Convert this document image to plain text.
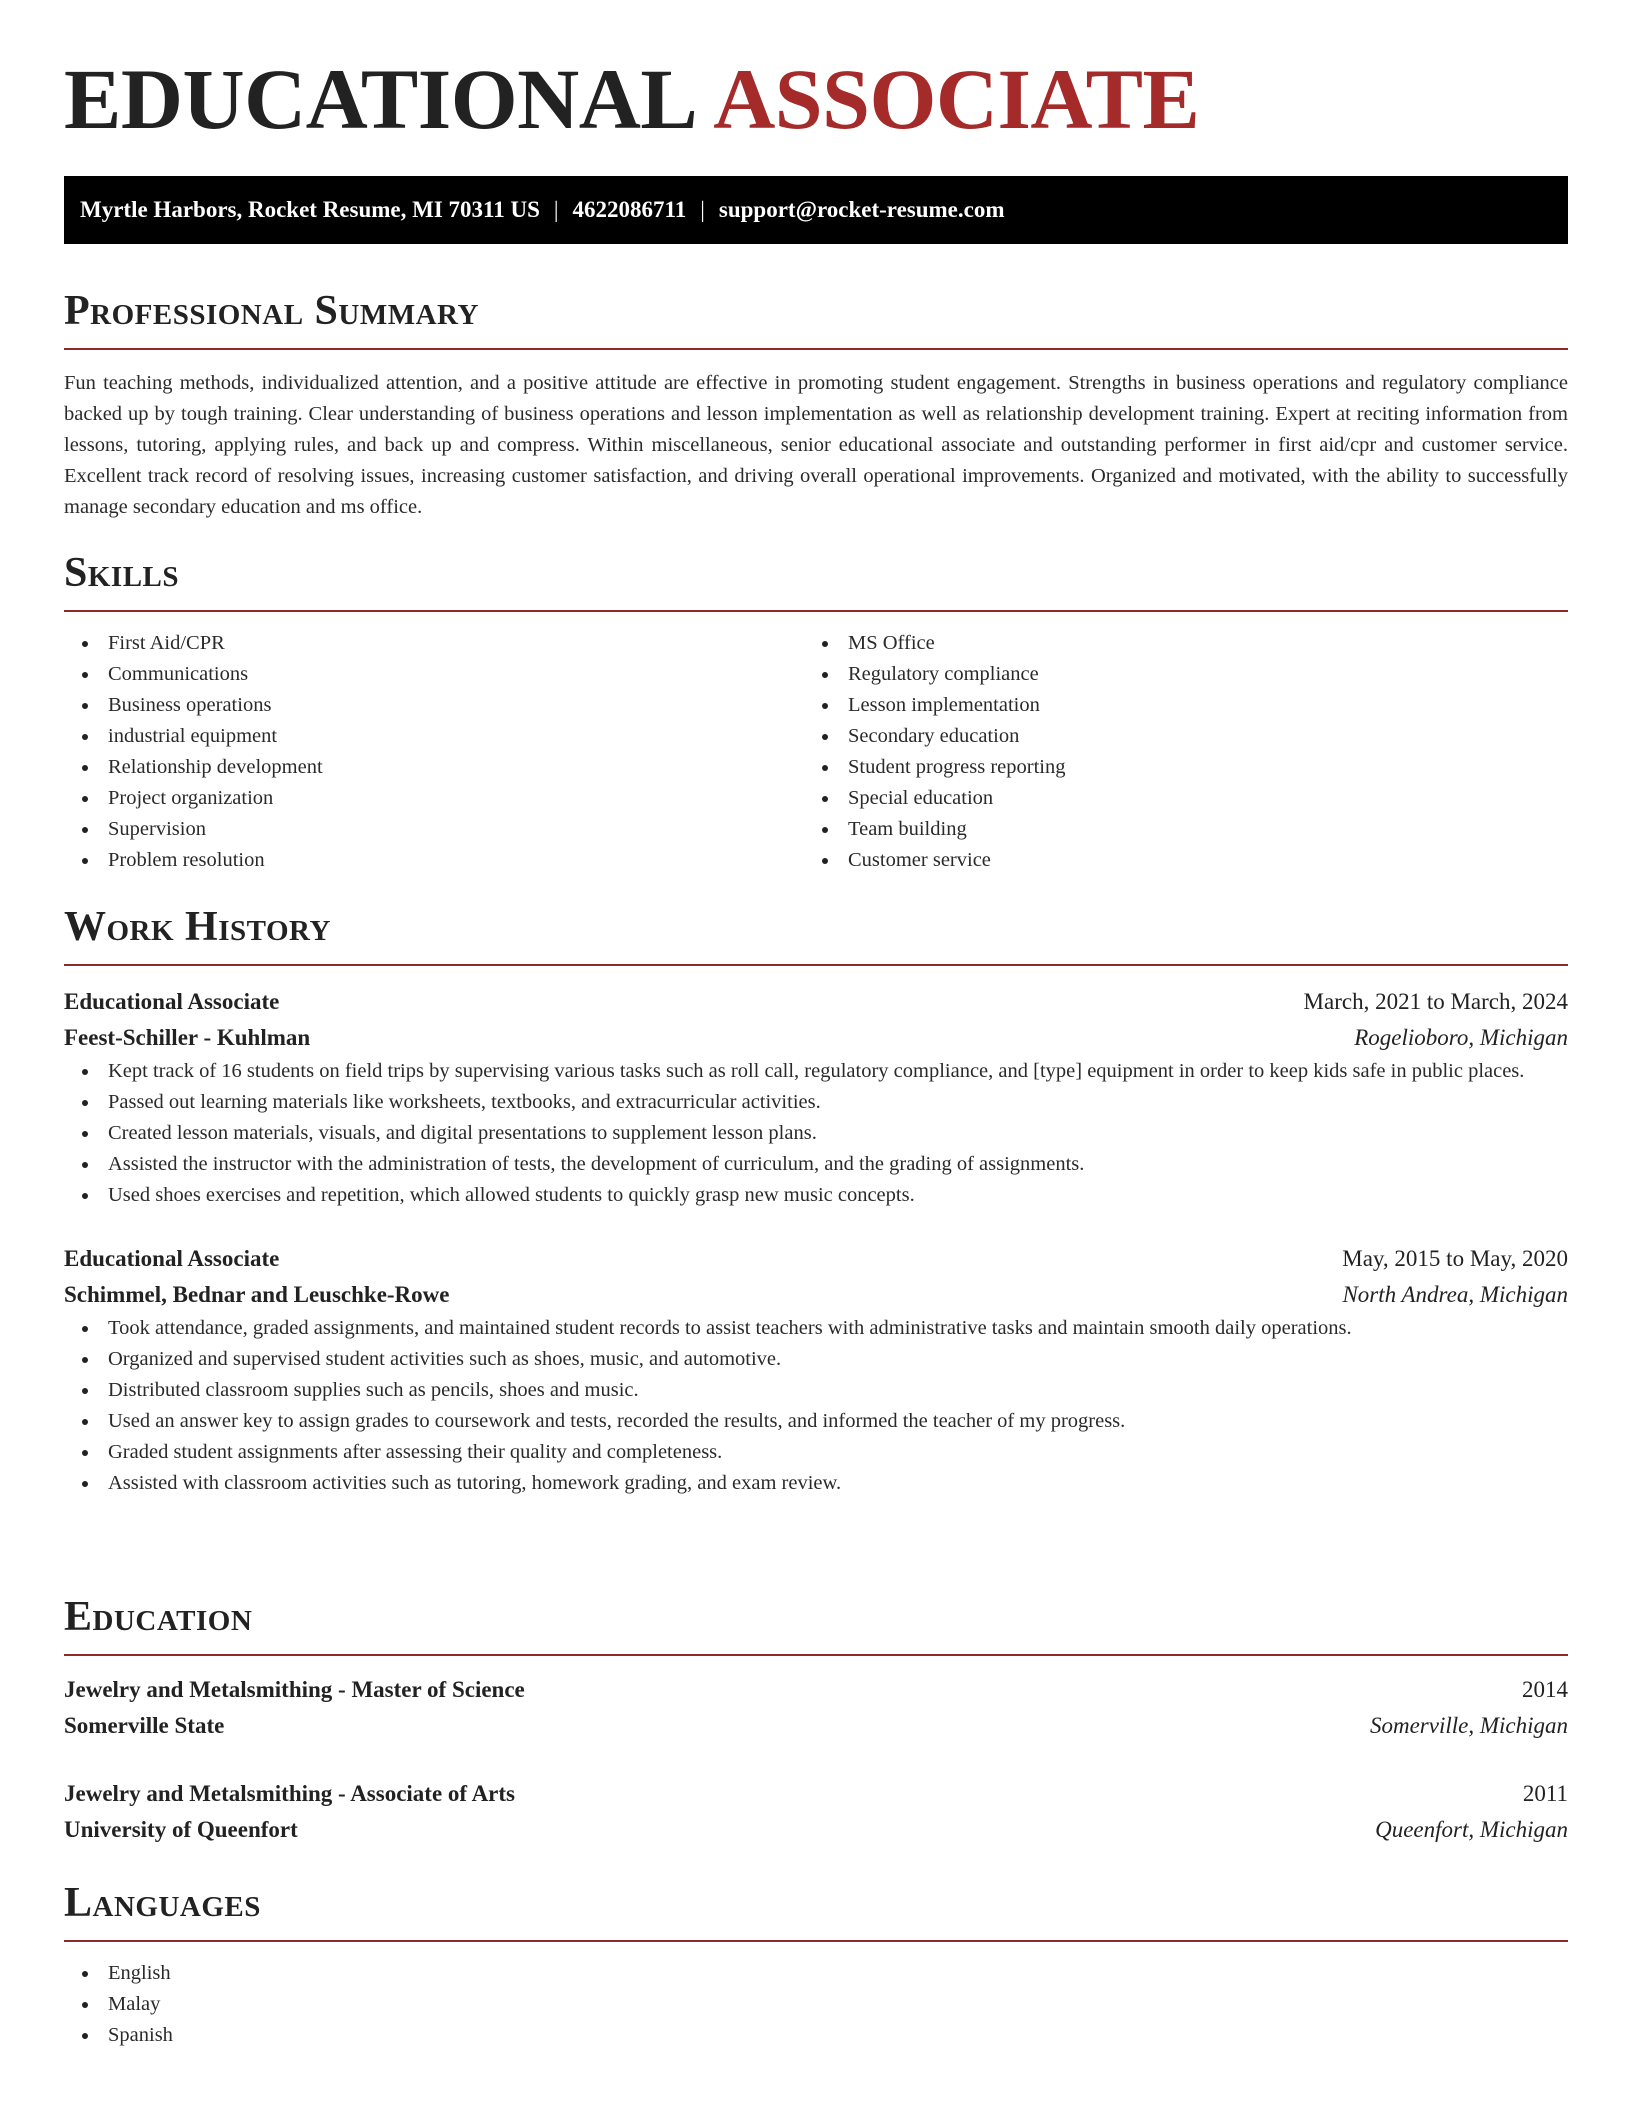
EDUCATIONAL ASSOCIATE
Myrtle Harbors, Rocket Resume, MI 70311 US | 4622086711 | support@rocket-resume.com
Professional Summary

Fun teaching methods, individualized attention, and a positive attitude are effective in promoting student engagement. Strengths in business operations and regulatory compliance backed up by tough training. Clear understanding of business operations and lesson implementation as well as relationship development training. Expert at reciting information from lessons, tutoring, applying rules, and back up and compress. Within miscellaneous, senior educational associate and outstanding performer in first aid/cpr and customer service. Excellent track record of resolving issues, increasing customer satisfaction, and driving overall operational improvements. Organized and motivated, with the ability to successfully manage secondary education and ms office.

Skills
First Aid/CPR
Communications
Business operations
industrial equipment
Relationship development
Project organization
Supervision
Problem resolution
MS Office
Regulatory compliance
Lesson implementation
Secondary education
Student progress reporting
Special education
Team building
Customer service
Work History
Educational Associate	March, 2021 to March, 2024
Feest-Schiller - Kuhlman	Rogelioboro, Michigan
Kept track of 16 students on field trips by supervising various tasks such as roll call, regulatory compliance, and [type] equipment in order to keep kids safe in public places.
Passed out learning materials like worksheets, textbooks, and extracurricular activities.
Created lesson materials, visuals, and digital presentations to supplement lesson plans.
Assisted the instructor with the administration of tests, the development of curriculum, and the grading of assignments.
Used shoes exercises and repetition, which allowed students to quickly grasp new music concepts.
Educational Associate	May, 2015 to May, 2020
Schimmel, Bednar and Leuschke-Rowe	North Andrea, Michigan
Took attendance, graded assignments, and maintained student records to assist teachers with administrative tasks and maintain smooth daily operations.
Organized and supervised student activities such as shoes, music, and automotive.
Distributed classroom supplies such as pencils, shoes and music.
Used an answer key to assign grades to coursework and tests, recorded the results, and informed the teacher of my progress.
Graded student assignments after assessing their quality and completeness.
Assisted with classroom activities such as tutoring, homework grading, and exam review.
Education
Jewelry and Metalsmithing - Master of Science	2014
Somerville State	Somerville, Michigan
Jewelry and Metalsmithing - Associate of Arts	2011
University of Queenfort	Queenfort, Michigan
Languages
English
Malay
Spanish
